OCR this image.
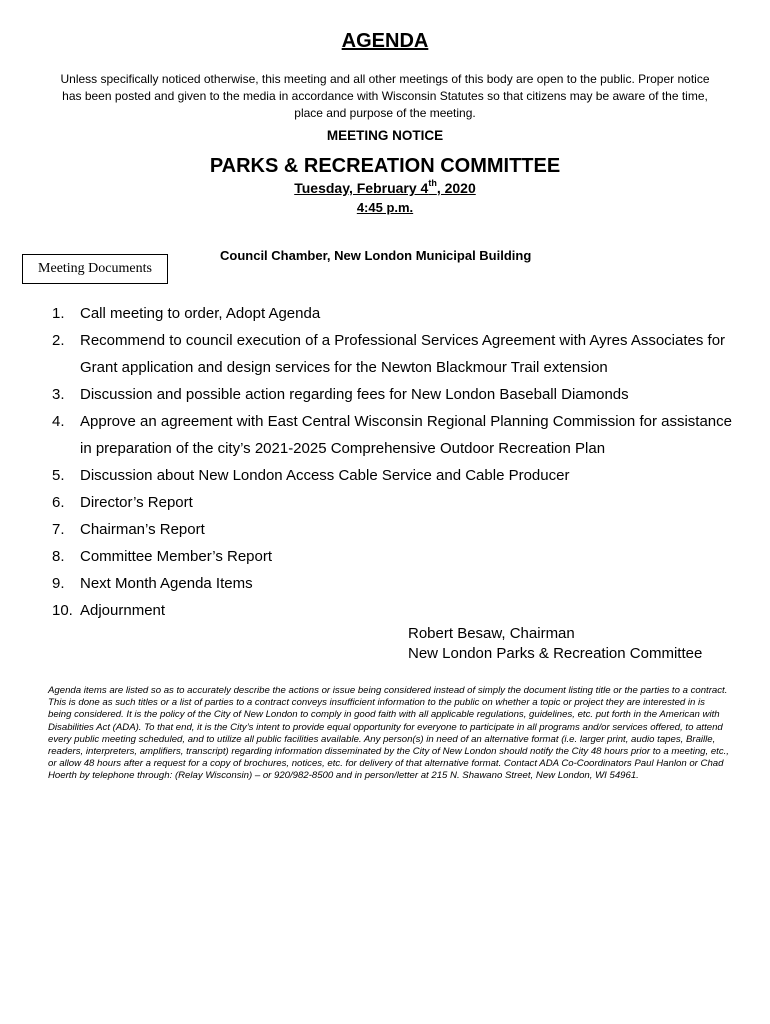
AGENDA
Unless specifically noticed otherwise, this meeting and all other meetings of this body are open to the public. Proper notice has been posted and given to the media in accordance with Wisconsin Statutes so that citizens may be aware of the time, place and purpose of the meeting.
MEETING NOTICE
PARKS & RECREATION COMMITTEE
Tuesday, February 4th, 2020
4:45 p.m.
Meeting Documents
Council Chamber, New London Municipal Building
1.	Call meeting to order, Adopt Agenda
2.	Recommend to council execution of a Professional Services Agreement with Ayres Associates for Grant application and design services for the Newton Blackmour Trail extension
3.	Discussion and possible action regarding fees for New London Baseball Diamonds
4.	Approve an agreement with East Central Wisconsin Regional Planning Commission for assistance in preparation of the city’s 2021-2025 Comprehensive Outdoor Recreation Plan
5.	Discussion about New London Access Cable Service and Cable Producer
6.	Director’s Report
7.	Chairman’s Report
8.	Committee Member’s Report
9.	Next Month Agenda Items
10. Adjournment
Robert Besaw, Chairman
New London Parks & Recreation Committee
Agenda items are listed so as to accurately describe the actions or issue being considered instead of simply the document listing title or the parties to a contract. This is done as such titles or a list of parties to a contract conveys insufficient information to the public on whether a topic or project they are interested in is being considered. It is the policy of the City of New London to comply in good faith with all applicable regulations, guidelines, etc. put forth in the American with Disabilities Act (ADA). To that end, it is the City’s intent to provide equal opportunity for everyone to participate in all programs and/or services offered, to attend every public meeting scheduled, and to utilize all public facilities available. Any person(s) in need of an alternative format (i.e. larger print, audio tapes, Braille, readers, interpreters, amplifiers, transcript) regarding information disseminated by the City of New London should notify the City 48 hours prior to a meeting, etc., or allow 48 hours after a request for a copy of brochures, notices, etc. for delivery of that alternative format. Contact ADA Co-Coordinators Paul Hanlon or Chad Hoerth by telephone through: (Relay Wisconsin) – or 920/982-8500 and in person/letter at 215 N. Shawano Street, New London, WI 54961.
